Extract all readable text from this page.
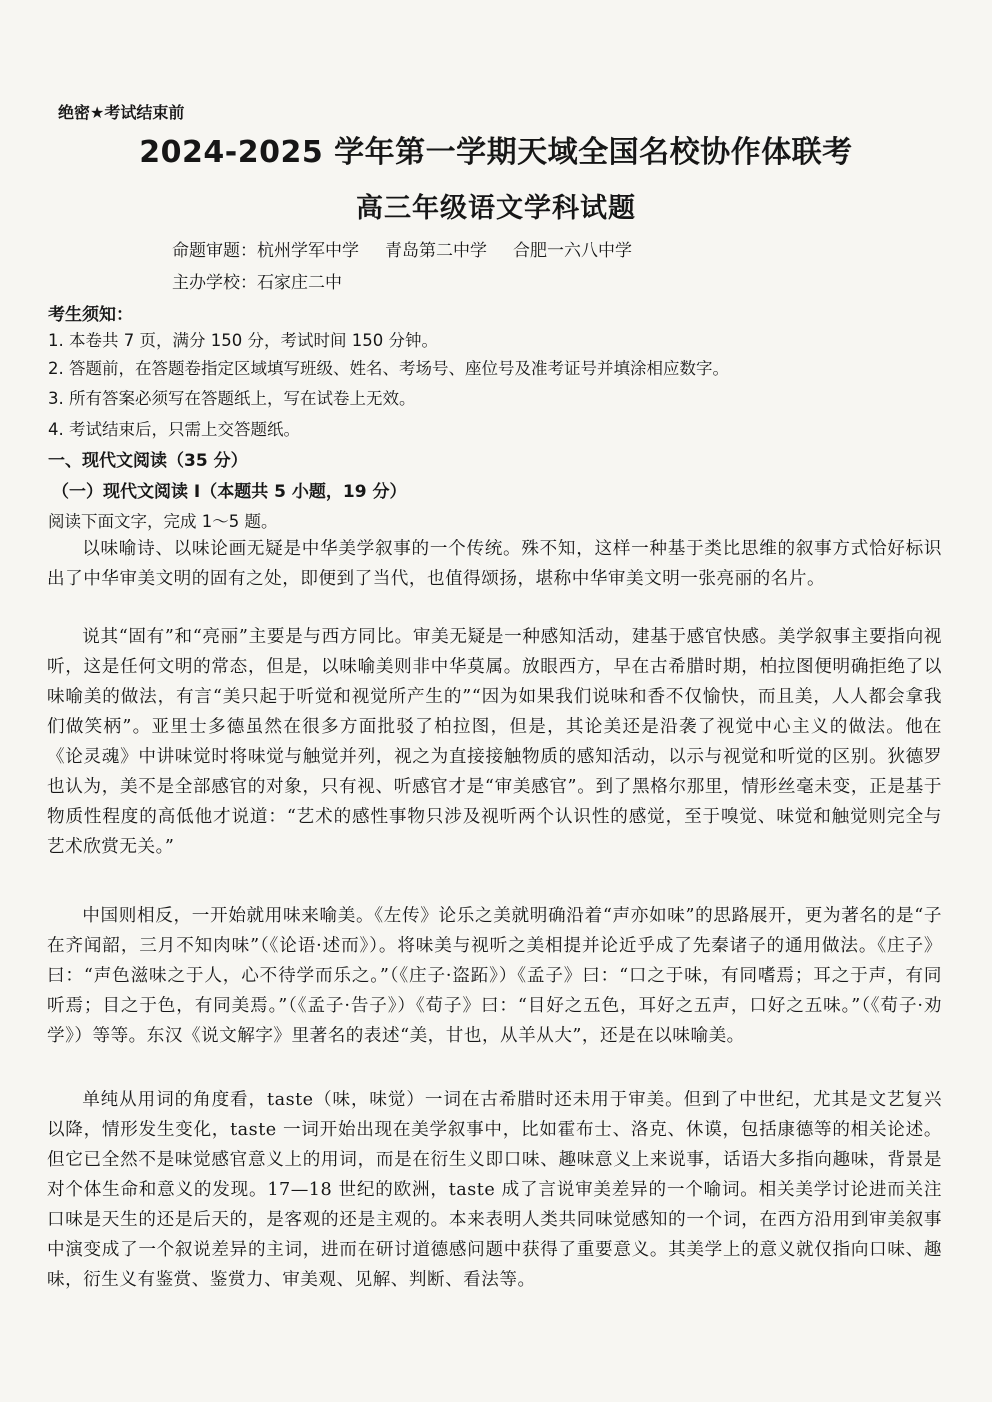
绝密★考试结束前
2024-2025 学年第一学期天域全国名校协作体联考
高三年级语文学科试题
命题审题：杭州学军中学 青岛第二中学 合肥一六八中学
主办学校：石家庄二中
考生须知：
1. 本卷共 7 页，满分 150 分，考试时间 150 分钟。
2. 答题前，在答题卷指定区域填写班级、姓名、考场号、座位号及准考证号并填涂相应数字。
3. 所有答案必须写在答题纸上，写在试卷上无效。
4. 考试结束后，只需上交答题纸。
一、现代文阅读（35 分）
（一）现代文阅读 I（本题共 5 小题，19 分）
阅读下面文字，完成 1～5 题。

以味喻诗、以味论画无疑是中华美学叙事的一个传统。殊不知，这样一种基于类比思维的叙事方式恰好标识出了中华审美文明的固有之处，即便到了当代，也值得颂扬，堪称中华审美文明一张亮丽的名片。

说其“固有”和“亮丽”主要是与西方同比。审美无疑是一种感知活动，建基于感官快感。美学叙事主要指向视听，这是任何文明的常态，但是，以味喻美则非中华莫属。放眼西方，早在古希腊时期，柏拉图便明确拒绝了以味喻美的做法，有言“美只起于听觉和视觉所产生的”“因为如果我们说味和香不仅愉快，而且美，人人都会拿我们做笑柄”。亚里士多德虽然在很多方面批驳了柏拉图，但是，其论美还是沿袭了视觉中心主义的做法。他在《论灵魂》中讲味觉时将味觉与触觉并列，视之为直接接触物质的感知活动，以示与视觉和听觉的区别。狄德罗也认为，美不是全部感官的对象，只有视、听感官才是“审美感官”。到了黑格尔那里，情形丝毫未变，正是基于物质性程度的高低他才说道：“艺术的感性事物只涉及视听两个认识性的感觉，至于嗅觉、味觉和触觉则完全与艺术欣赏无关。”

中国则相反，一开始就用味来喻美。《左传》论乐之美就明确沿着“声亦如味”的思路展开，更为著名的是“子在齐闻韶，三月不知肉味”（《论语·述而》）。将味美与视听之美相提并论近乎成了先秦诸子的通用做法。《庄子》曰：“声色滋味之于人，心不待学而乐之。”（《庄子·盗跖》）《孟子》曰：“口之于味，有同嗜焉；耳之于声，有同听焉；目之于色，有同美焉。”（《孟子·告子》）《荀子》曰：“目好之五色，耳好之五声，口好之五味。”（《荀子·劝学》）等等。东汉《说文解字》里著名的表述“美，甘也，从羊从大”，还是在以味喻美。

单纯从用词的角度看，taste（味，味觉）一词在古希腊时还未用于审美。但到了中世纪，尤其是文艺复兴以降，情形发生变化，taste 一词开始出现在美学叙事中，比如霍布士、洛克、休谟，包括康德等的相关论述。但它已全然不是味觉感官意义上的用词，而是在衍生义即口味、趣味意义上来说事，话语大多指向趣味，背景是对个体生命和意义的发现。17—18 世纪的欧洲，taste 成了言说审美差异的一个喻词。相关美学讨论进而关注口味是天生的还是后天的，是客观的还是主观的。本来表明人类共同味觉感知的一个词，在西方沿用到审美叙事中演变成了一个叙说差异的主词，进而在研讨道德感问题中获得了重要意义。其美学上的意义就仅指向口味、趣味，衍生义有鉴赏、鉴赏力、审美观、见解、判断、看法等。
